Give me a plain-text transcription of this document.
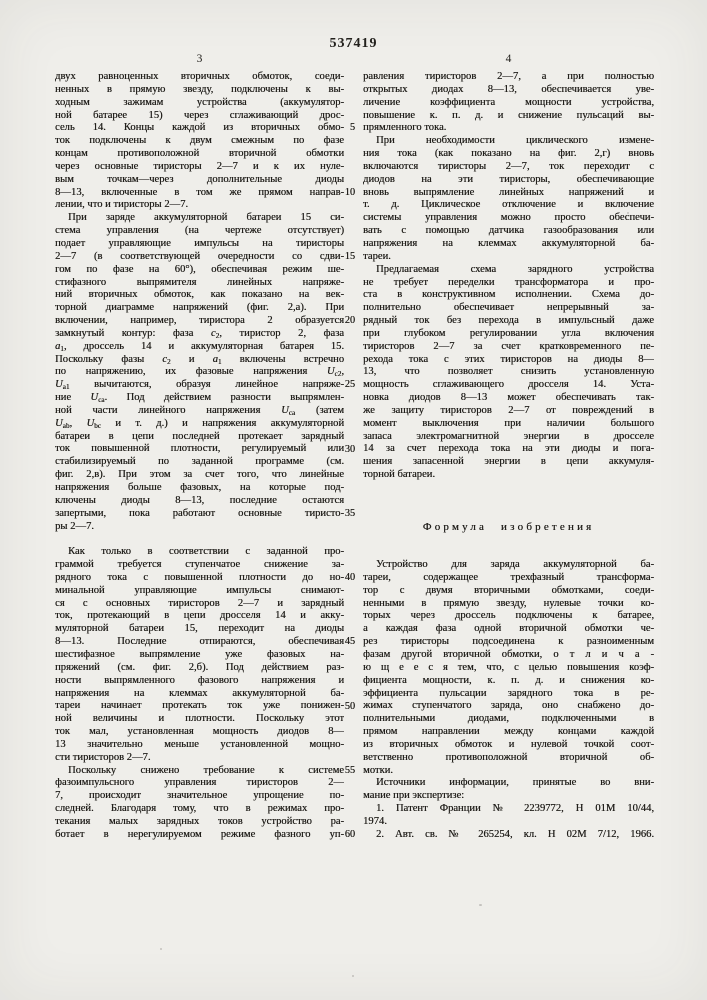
537419
3	4
двух равноценных вторичных обмоток, соеди-
ненных в прямую звезду, подключены к вы-
ходным зажимам устройства (аккумулятор-
ной батарее 15) через сглаживающий дрос-
сель 14. Концы каждой из вторичных обмо-
ток подключены к двум смежным по фазе
концам противоположной вторичной обмотки
через основные тиристоры 2—7 и к их нуле-
вым точкам—через дополнительные диоды
8—13, включенные в том же прямом направ-
лении, что и тиристоры 2—7.
При заряде аккумуляторной батареи 15 си-
стема управления (на чертеже отсутствует)
подает управляющие импульсы на тиристоры
2—7 (в соответствующей очередности со сдви-
гом по фазе на 60°), обеспечивая режим ше-
стифазного выпрямителя линейных напряже-
ний вторичных обмоток, как показано на век-
торной диаграмме напряжений (фиг. 2,а). При
включении, например, тиристора 2 образуется
замкнутый контур: фаза $c_2$, тиристор 2, фаза
$a_1$, дроссель 14 и аккумуляторная батарея 15.
Поскольку фазы $c_2$ и $a_1$ включены встречно
по напряжению, их фазовые напряжения $U_{c2}$,
$U_{a1}$ вычитаются, образуя линейное напряже-
ние $U_{ca}$. Под действием разности выпрямлен-
ной части линейного напряжения $U_{ca}$ (затем
$U_{ab}$, $U_{bc}$ и т. д.) и напряжения аккумуляторной
батареи в цепи последней протекает зарядный
ток повышенной плотности, регулируемый или
стабилизируемый по заданной программе (см.
фиг. 2,в). При этом за счет того, что линейные
напряжения больше фазовых, на которые под-
ключены диоды 8—13, последние остаются
запертыми, пока работают основные тиристо-
ры 2—7.
Как только в соответствии с заданной про-
граммой требуется ступенчатое снижение за-
рядного тока с повышенной плотности до но-
минальной управляющие импульсы снимают-
ся с основных тиристоров 2—7 и зарядный
ток, протекающий в цепи дросселя 14 и акку-
муляторной батареи 15, переходит на диоды
8—13. Последние отпираются, обеспечивая
шестифазное выпрямление уже фазовых на-
пряжений (см. фиг. 2,б). Под действием раз-
ности выпрямленного фазового напряжения и
напряжения на клеммах аккумуляторной ба-
тареи начинает протекать ток уже понижен-
ной величины и плотности. Поскольку этот
ток мал, установленная мощность диодов 8—
13 значительно меньше установленной мощно-
сти тиристоров 2—7.
Поскольку снижено требование к системе
фазоимпульсного управления тиристоров 2—
7, происходит значительное упрощение по-
следней. Благодаря тому, что в режимах про-
текания малых зарядных токов устройство ра-
ботает в нерегулируемом режиме фазного уп-
5
10
15
20
25
30
35
40
45
50
55
60
равления тиристоров 2—7, а при полностью
открытых диодах 8—13, обеспечивается уве-
личение коэффициента мощности устройства,
повышение к. п. д. и снижение пульсаций вы-
прямленного тока.
При необходимости циклического измене-
ния тока (как показано на фиг. 2,г) вновь
включаются тиристоры 2—7, ток переходит с
диодов на эти тиристоры, обеспечивающие
вновь выпрямление линейных напряжений и
т. д. Циклическое отключение и включение
системы управления можно просто обеспечи-
вать с помощью датчика газообразования или
напряжения на клеммах аккумуляторной ба-
тареи.
Предлагаемая схема зарядного устройства
не требует переделки трансформатора и про-
ста в конструктивном исполнении. Схема до-
полнительно обеспечивает непрерывный за-
рядный ток без перехода в импульсный даже
при глубоком регулировании угла включения
тиристоров 2—7 за счет кратковременного пе-
рехода тока с этих тиристоров на диоды 8—
13, что позволяет снизить установленную
мощность сглаживающего дросселя 14. Уста-
новка диодов 8—13 может обеспечивать так-
же защиту тиристоров 2—7 от повреждений в
момент выключения при наличии большого
запаса электромагнитной энергии в дросселе
14 за счет перехода тока на эти диоды и пога-
шения запасенной энергии в цепи аккумуля-
торной батареи.
Формула изобретения
Устройство для заряда аккумуляторной ба-
тареи, содержащее трехфазный трансформа-
тор с двумя вторичными обмотками, соеди-
ненными в прямую звезду, нулевые точки ко-
торых через дроссель подключены к батарее,
а каждая фаза одной вторичной обмотки че-
рез тиристоры подсоединена к разноименным
фазам другой вторичной обмотки, о т л и ч а -
ю щ е е с я тем, что, с целью повышения коэф-
фициента мощности, к. п. д. и снижения ко-
эффициента пульсации зарядного тока в ре-
жимах ступенчатого заряда, оно снабжено до-
полнительными диодами, подключенными в
прямом направлении между концами каждой
из вторичных обмоток и нулевой точкой соот-
ветственно противоположной вторичной об-
мотки.
Источники информации, принятые во вни-
мание при экспертизе:
1. Патент Франции № 2239772, Н 01М 10/44,
1974.
2. Авт. св. № 265254, кл. Н 02М 7/12, 1966.
